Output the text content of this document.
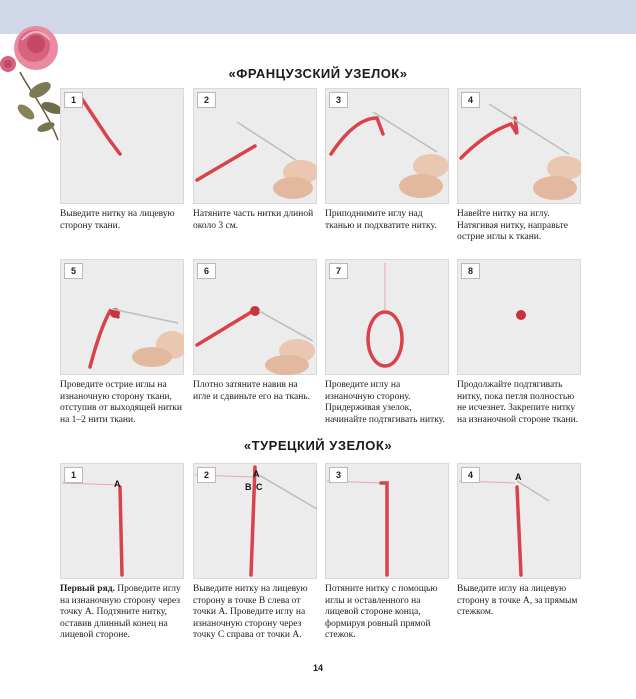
«ФРАНЦУЗСКИЙ УЗЕЛОК»
1
Выведите нитку на лицевую сторону ткани.
2
Натяните часть нитки длиной около 3 см.
3
Приподнимите иглу над тканью и подхватите нитку.
4
Навейте нитку на иглу. Натягивая нитку, направьте острие иглы к ткани.
5
Проведите острие иглы на изнаночную сторону ткани, отступив от выходящей нитки на 1–2 нити ткани.
6
Плотно затяните навив на игле и сдвиньте его на ткань.
7
Проведите иглу на изнаночную сторону. Придерживая узелок, начинайте подтягивать нитку.
8
Продолжайте подтягивать нитку, пока петля полностью не исчезнет. Закрепите нитку на изнаночной стороне ткани.
«ТУРЕЦКИЙ УЗЕЛОК»
A
1
Первый ряд. Проведите иглу на изнаночную сторону через точку А. Подтяните нитку, оставив длинный конец на лицевой стороне.
A
B C
2
Выведите нитку на лицевую сторону в точке В слева от точки А. Проведите иглу на изнаночную сторону через точку С справа от точки А.
3
Потяните нитку с помощью иглы и оставленного на лицевой стороне конца, формируя ровный прямой стежок.
A
4
Выведите иглу на лицевую сторону в точке А, за прямым стежком.
14
